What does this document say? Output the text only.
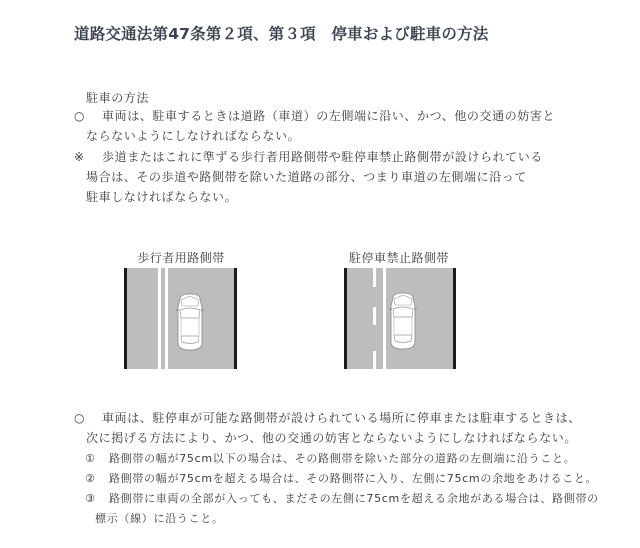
道路交通法第47条第２項、第３項　停車および駐車の方法
駐車の方法
○ 車両は、駐車するときは道路（車道）の左側端に沿い、かつ、他の交通の妨害と
ならないようにしなければならない。
※ 歩道またはこれに準ずる歩行者用路側帯や駐停車禁止路側帯が設けられている
場合は、その歩道や路側帯を除いた道路の部分、つまり車道の左側端に沿って
駐車しなければならない。
歩行者用路側帯	駐停車禁止路側帯
○ 車両は、駐停車が可能な路側帯が設けられている場所に停車または駐車するときは、
次に掲げる方法により、かつ、他の交通の妨害とならないようにしなければならない。
① 路側帯の幅が75cm以下の場合は、その路側帯を除いた部分の道路の左側端に沿うこと。
② 路側帯の幅が75cmを超える場合は、その路側帯に入り、左側に75cmの余地をあけること。
③ 路側帯に車両の全部が入っても、まだその左側に75cmを超える余地がある場合は、路側帯の
標示（線）に沿うこと。
